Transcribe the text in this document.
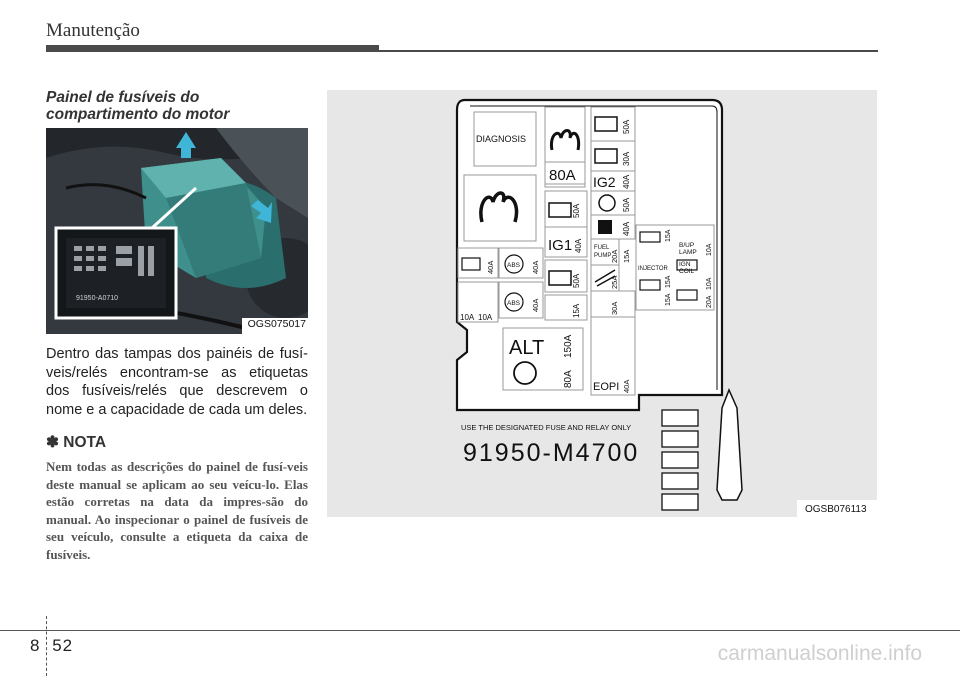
Manutenção
Painel de fusíveis do
compartimento do motor
91950-A0710
OGS075017
Dentro das tampas dos painéis de fusí-veis/relés encontram-se as etiquetas dos fusíveis/relés que descrevem o nome e a capacidade de cada um deles.
✽ NOTA
Nem todas as descrições do painel de fusí-veis deste manual se aplicam ao seu veícu-lo. Elas estão corretas na data da impres-são do manual. Ao inspecionar o painel de fusíveis de seu veículo, consulte a etiqueta da caixa de fusíveis.
DIAGNOSIS
80A
50A
IG1 40A
50A
15A
40A ABS 40A
10A 10A
ABS 40A
ALT 150A
80A
50A
30A
IG2 40A
50A
40A
FUEL
PUMP
20A 15A
25A
30A
EOPI 40A
INJECTOR
B/UP
LAMP
IGN
COIL
15A
15A
15A
10A
10A
20A
USE THE DESIGNATED FUSE AND RELAY ONLY
91950-M4700
OGSB076113
8 52	carmanualsonline.info
